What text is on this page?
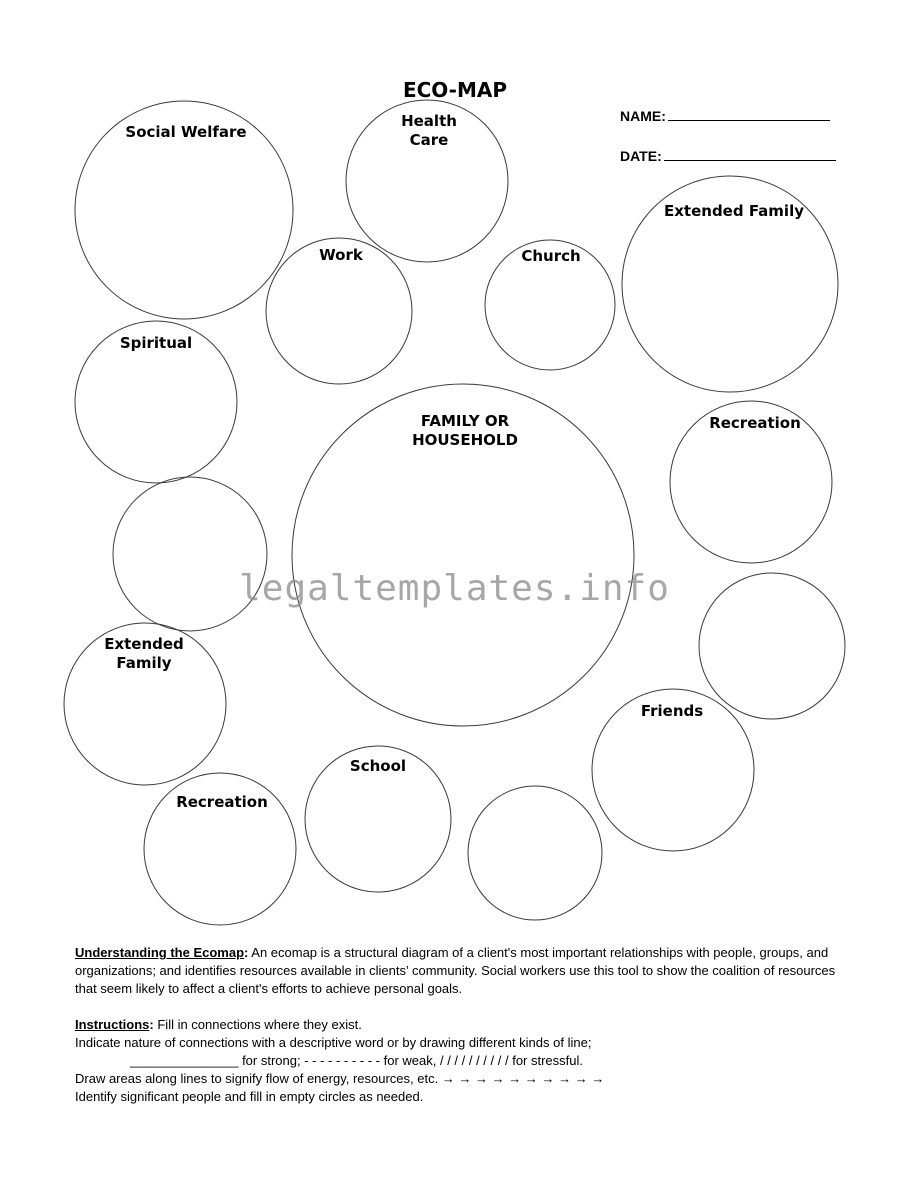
Social Welfare
Health
Care
Work	Church
Extended Family
Spiritual
FAMILY OR
HOUSEHOLD
Recreation
Extended
Family
Friends
School
Recreation
ECO-MAP
NAME:
DATE:
legaltemplates.info

Understanding the Ecomap: An ecomap is a structural diagram of a client's most important relationships with people, groups, and organizations; and identifies resources available in clients’ community. Social workers use this tool to show the coalition of resources that seem likely to affect a client's efforts to achieve personal goals.

Instructions: Fill in connections where they exist.

Indicate nature of connections with a descriptive word or by drawing different kinds of line;

_______________ for strong; - - - - - - - - - - for weak, / / / / / / / / / / for stressful.

Draw areas along lines to signify flow of energy, resources, etc. → → → → → → → → → →

Identify significant people and fill in empty circles as needed.
